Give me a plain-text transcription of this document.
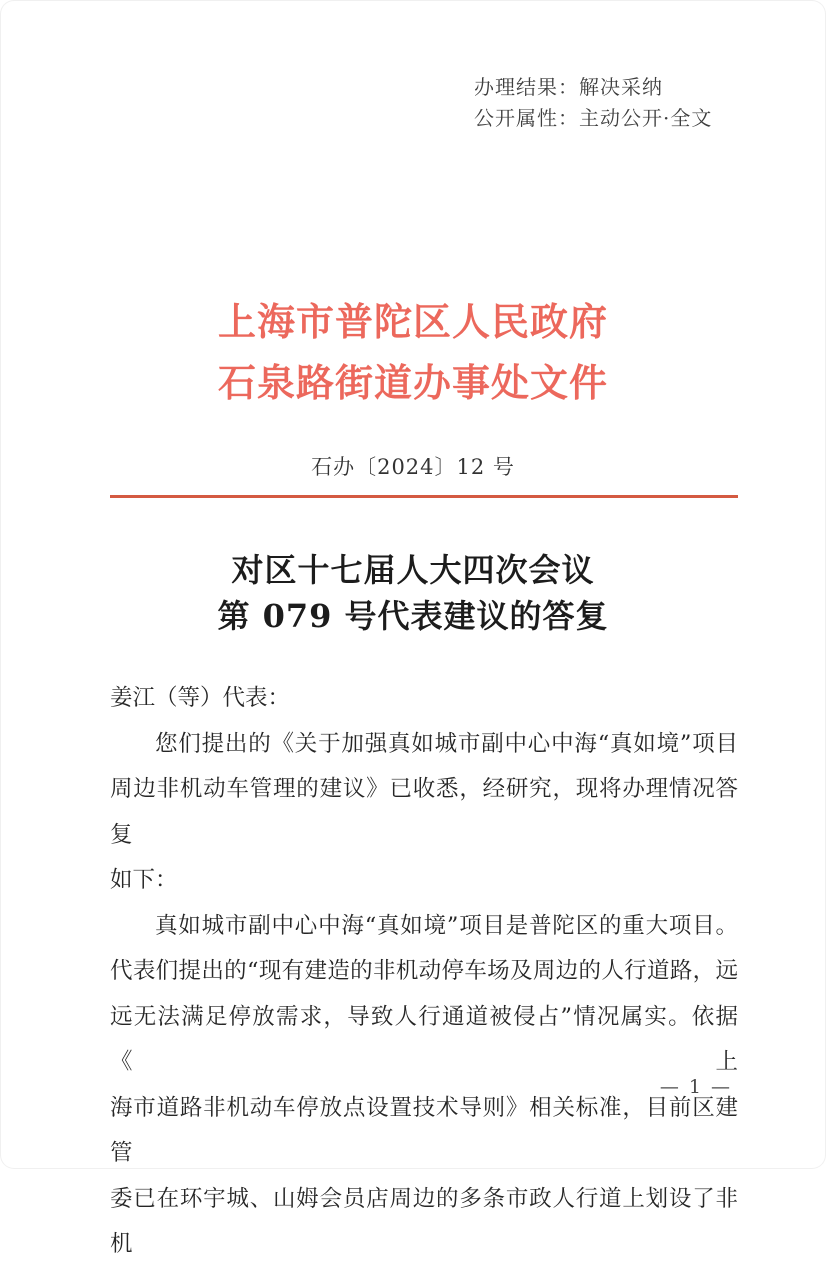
办理结果：解决采纳
公开属性：主动公开·全文
上海市普陀区人民政府
石泉路街道办事处文件
石办〔2024〕12 号
对区十七届人大四次会议
第 079 号代表建议的答复
姜江（等）代表：
您们提出的《关于加强真如城市副中心中海“真如境”项目
周边非机动车管理的建议》已收悉，经研究，现将办理情况答复
如下：
真如城市副中心中海“真如境”项目是普陀区的重大项目。
代表们提出的“现有建造的非机动停车场及周边的人行道路，远
远无法满足停放需求，导致人行通道被侵占”情况属实。依据《上
海市道路非机动车停放点设置技术导则》相关标准，目前区建管
委已在环宇城、山姆会员店周边的多条市政人行道上划设了非机
— 1 —
